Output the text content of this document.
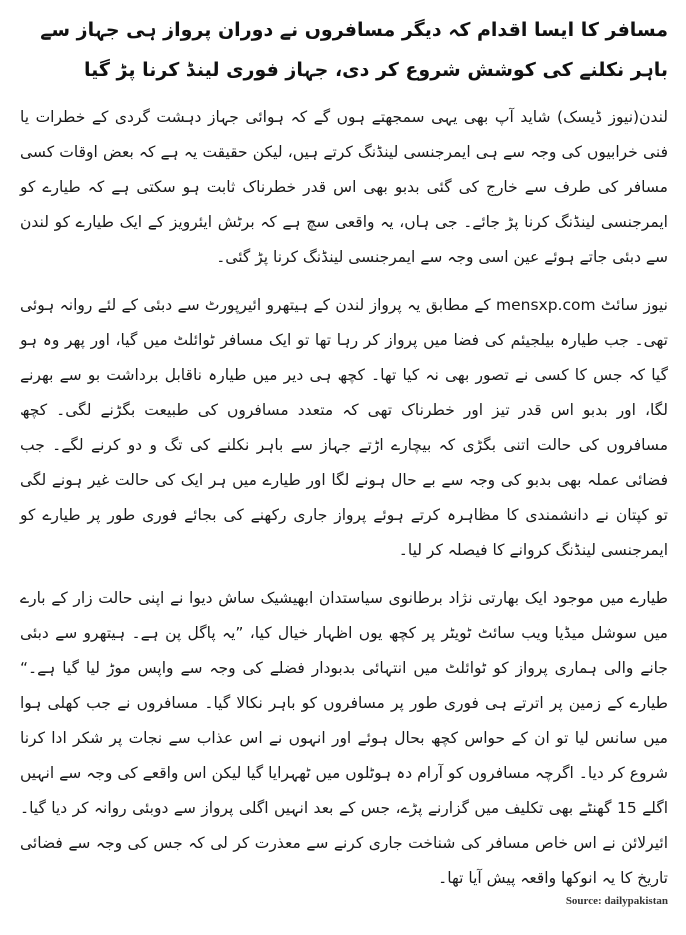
مسافر کا ایسا اقدام کہ دیگر مسافروں نے دوران پرواز ہی جہاز سے باہر نکلنے کی کوشش شروع کر دی، جہاز فوری لینڈ کرنا پڑ گیا

لندن(نیوز ڈیسک) شاید آپ بھی یہی سمجھتے ہوں گے کہ ہوائی جہاز دہشت گردی کے خطرات یا فنی خرابیوں کی وجہ سے ہی ایمرجنسی لینڈنگ کرتے ہیں، لیکن حقیقت یہ ہے کہ بعض اوقات کسی مسافر کی طرف سے خارج کی گئی بدبو بھی اس قدر خطرناک ثابت ہو سکتی ہے کہ طیارے کو ایمرجنسی لینڈنگ کرنا پڑ جائے۔ جی ہاں، یہ واقعی سچ ہے کہ برٹش ایئرویز کے ایک طیارے کو لندن سے دبئی جاتے ہوئے عین اسی وجہ سے ایمرجنسی لینڈنگ کرنا پڑ گئی۔

نیوز سائٹ mensxp.com کے مطابق یہ پرواز لندن کے ہیتھرو ائیرپورٹ سے دبئی کے لئے روانہ ہوئی تھی۔ جب طیارہ بیلجیئم کی فضا میں پرواز کر رہا تھا تو ایک مسافر ٹوائلٹ میں گیا، اور پھر وہ ہو گیا کہ جس کا کسی نے تصور بھی نہ کیا تھا۔ کچھ ہی دیر میں طیارہ ناقابل برداشت بو سے بھرنے لگا، اور بدبو اس قدر تیز اور خطرناک تھی کہ متعدد مسافروں کی طبیعت بگڑنے لگی۔ کچھ مسافروں کی حالت اتنی بگڑی کہ بیچارے اڑتے جہاز سے باہر نکلنے کی تگ و دو کرنے لگے۔ جب فضائی عملہ بھی بدبو کی وجہ سے بے حال ہونے لگا اور طیارے میں ہر ایک کی حالت غیر ہونے لگی تو کپتان نے دانشمندی کا مظاہرہ کرتے ہوئے پرواز جاری رکھنے کی بجائے فوری طور پر طیارے کو ایمرجنسی لینڈنگ کروانے کا فیصلہ کر لیا۔

طیارے میں موجود ایک بھارتی نژاد برطانوی سیاستدان ابھیشیک ساش دیوا نے اپنی حالت زار کے بارے میں سوشل میڈیا ویب سائٹ ٹویٹر پر کچھ یوں اظہار خیال کیا، ”یہ پاگل پن ہے۔ ہیتھرو سے دبئی جانے والی ہماری پرواز کو ٹوائلٹ میں انتہائی بدبودار فضلے کی وجہ سے واپس موڑ لیا گیا ہے۔“ طیارے کے زمین پر اترتے ہی فوری طور پر مسافروں کو باہر نکالا گیا۔ مسافروں نے جب کھلی ہوا میں سانس لیا تو ان کے حواس کچھ بحال ہوئے اور انہوں نے اس عذاب سے نجات پر شکر ادا کرنا شروع کر دیا۔ اگرچہ مسافروں کو آرام دہ ہوٹلوں میں ٹھہرایا گیا لیکن اس واقعے کی وجہ سے انہیں اگلے 15 گھنٹے بھی تکلیف میں گزارنے پڑے، جس کے بعد انہیں اگلی پرواز سے دوبئی روانہ کر دیا گیا۔ ائیرلائن نے اس خاص مسافر کی شناخت جاری کرنے سے معذرت کر لی کہ جس کی وجہ سے فضائی تاریخ کا یہ انوکھا واقعہ پیش آیا تھا۔

Source: dailypakistan
